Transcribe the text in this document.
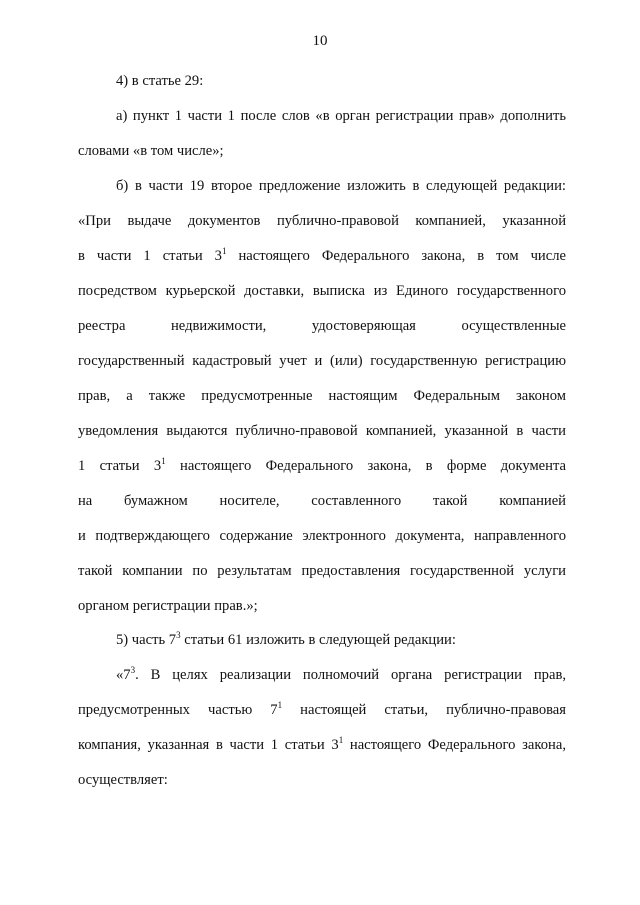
10
4) в статье 29:
а) пункт 1 части 1 после слов «в орган регистрации прав» дополнить
словами «в том числе»;
б) в части 19 второе предложение изложить в следующей редакции:
«При выдаче документов публично-правовой компанией, указанной
в части 1 статьи $3^1$ настоящего Федерального закона, в том числе
посредством курьерской доставки, выписка из Единого государственного
реестра недвижимости, удостоверяющая осуществленные
государственный кадастровый учет и (или) государственную регистрацию
прав, а также предусмотренные настоящим Федеральным законом
уведомления выдаются публично-правовой компанией, указанной в части
1 статьи $3^1$ настоящего Федерального закона, в форме документа
на бумажном носителе, составленного такой компанией
и подтверждающего содержание электронного документа, направленного
такой компании по результатам предоставления государственной услуги
органом регистрации прав.»;
5) часть $7^3$ статьи 61 изложить в следующей редакции:
«$7^3$. В целях реализации полномочий органа регистрации прав,
предусмотренных частью $7^1$ настоящей статьи, публично-правовая
компания, указанная в части 1 статьи $3^1$ настоящего Федерального закона,
осуществляет:
